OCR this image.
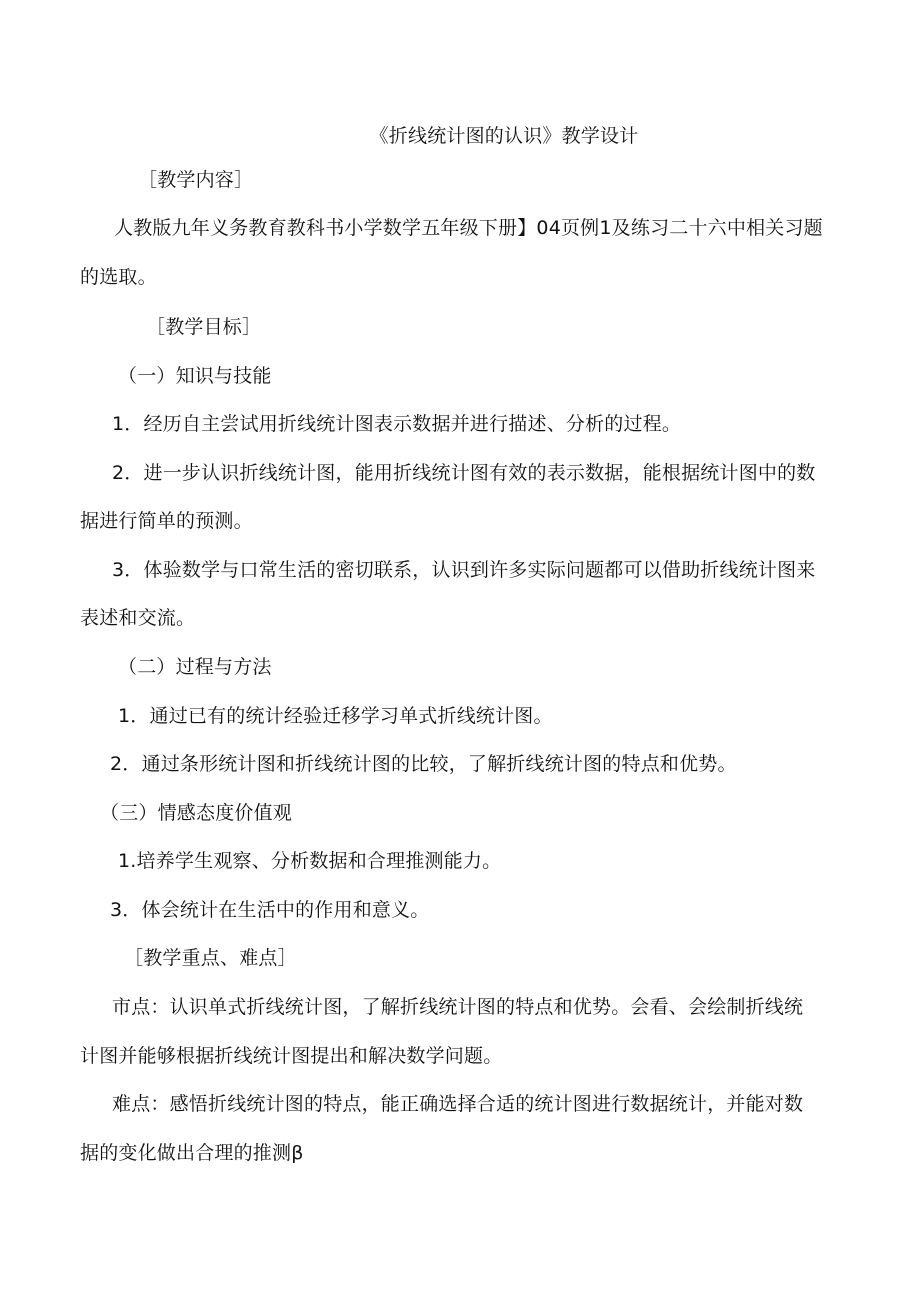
《折线统计图的认识》教学设计
［教学内容］
人教版九年义务教育教科书小学数学五年级下册】04页例1及练习二十六中相关习题
的选取。
［教学目标］
（一）知识与技能
1．经历自主尝试用折线统计图表示数据并进行描述、分析的过程。
2．进一步认识折线统计图，能用折线统计图有效的表示数据，能根据统计图中的数
据进行简单的预测。
3．体验数学与口常生活的密切联系，认识到许多实际问题都可以借助折线统计图来
表述和交流。
（二）过程与方法
1．通过已有的统计经验迁移学习单式折线统计图。
2．通过条形统计图和折线统计图的比较，了解折线统计图的特点和优势。
（三）情感态度价值观
1.培养学生观察、分析数据和合理推测能力。
3．体会统计在生活中的作用和意义。
［教学重点、难点］
市点：认识单式折线统计图，了解折线统计图的特点和优势。会看、会绘制折线统
计图并能够根据折线统计图提出和解决数学问题。
难点：感悟折线统计图的特点，能正确选择合适的统计图进行数据统计，并能对数
据的变化做出合理的推测β
